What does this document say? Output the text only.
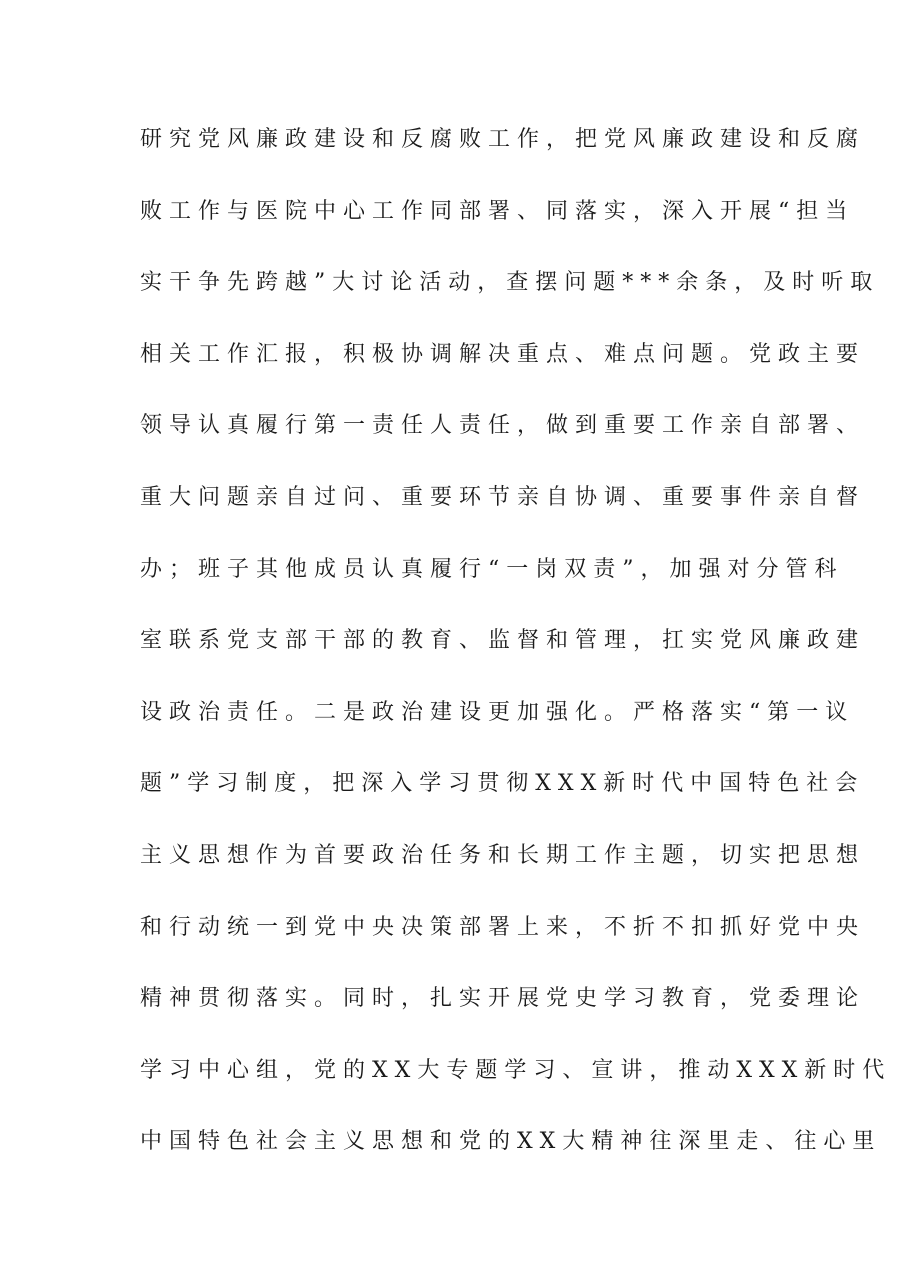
研究党风廉政建设和反腐败工作，把党风廉政建设和反腐
败工作与医院中心工作同部署、同落实，深入开展“担当
实干争先跨越”大讨论活动，查摆问题***余条，及时听取
相关工作汇报，积极协调解决重点、难点问题。党政主要
领导认真履行第一责任人责任，做到重要工作亲自部署、
重大问题亲自过问、重要环节亲自协调、重要事件亲自督
办；班子其他成员认真履行“一岗双责”，加强对分管科
室联系党支部干部的教育、监督和管理，扛实党风廉政建
设政治责任。二是政治建设更加强化。严格落实“第一议
题”学习制度，把深入学习贯彻XXX新时代中国特色社会
主义思想作为首要政治任务和长期工作主题，切实把思想
和行动统一到党中央决策部署上来，不折不扣抓好党中央
精神贯彻落实。同时，扎实开展党史学习教育，党委理论
学习中心组，党的XX大专题学习、宣讲，推动XXX新时代
中国特色社会主义思想和党的XX大精神往深里走、往心里
